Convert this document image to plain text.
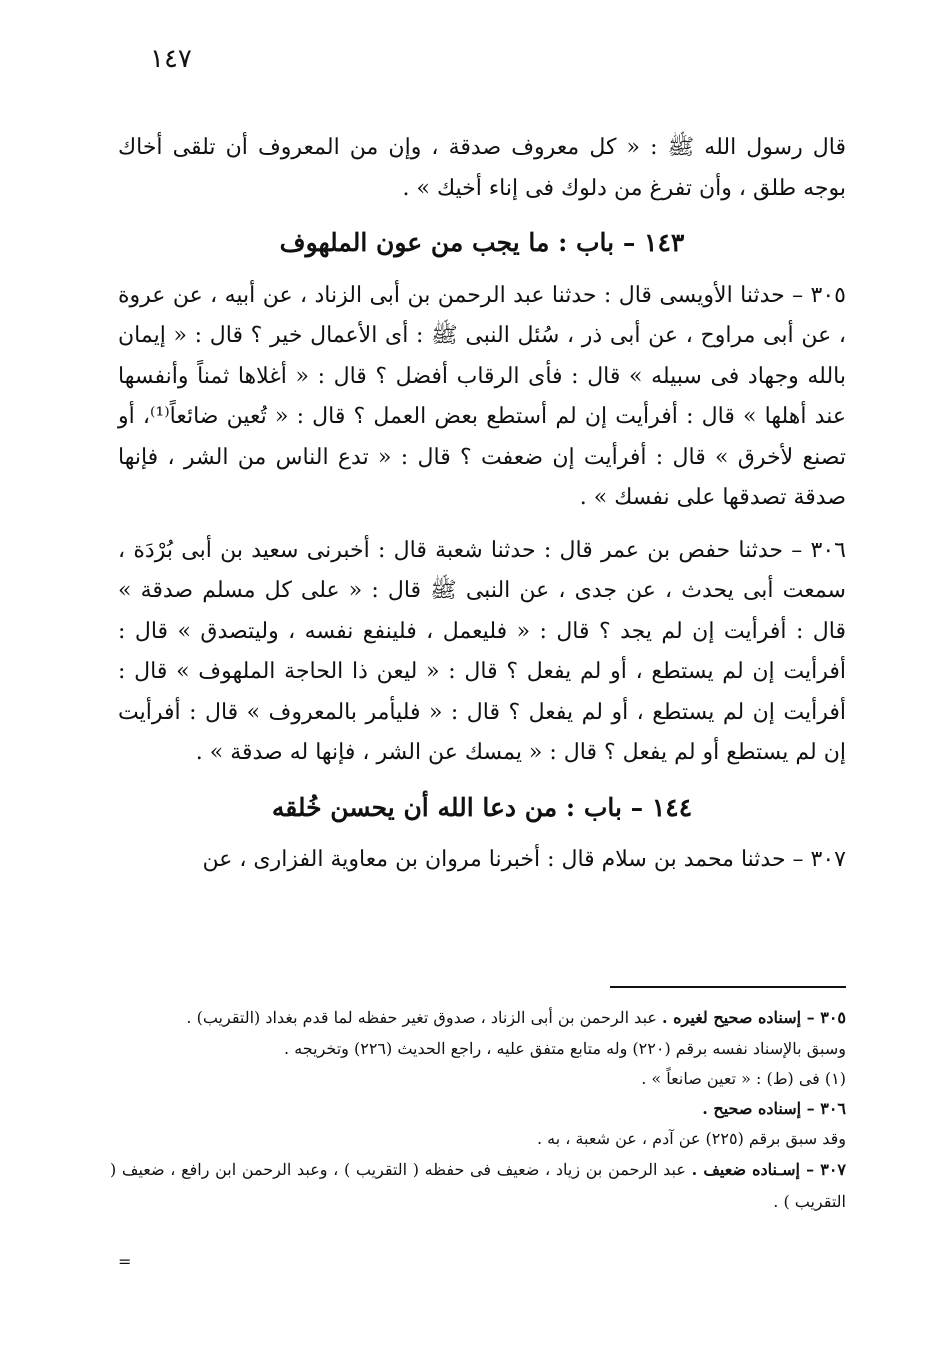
١٤٧

قال رسول الله ﷺ : « كل معروف صدقة ، وإن من المعروف أن تلقى أخاك بوجه طلق ، وأن تفرغ من دلوك فى إناء أخيك » .

١٤٣ – باب : ما يجب من عون الملهوف

٣٠٥ – حدثنا الأويسى قال : حدثنا عبد الرحمن بن أبى الزناد ، عن أبيه ، عن عروة ، عن أبى مراوح ، عن أبى ذر ، سُئل النبى ﷺ : أى الأعمال خير ؟ قال : « إيمان بالله وجهاد فى سبيله » قال : فأى الرقاب أفضل ؟ قال : « أغلاها ثمناً وأنفسها عند أهلها » قال : أفرأيت إن لم أستطع بعض العمل ؟ قال : « تُعين ضائعاً⁽¹⁾، أو تصنع لأخرق » قال : أفرأيت إن ضعفت ؟ قال : « تدع الناس من الشر ، فإنها صدقة تصدقها على نفسك » .

٣٠٦ – حدثنا حفص بن عمر قال : حدثنا شعبة قال : أخبرنى سعيد بن أبى بُرْدَة ، سمعت أبى يحدث ، عن جدى ، عن النبى ﷺ قال : « على كل مسلم صدقة » قال : أفرأيت إن لم يجد ؟ قال : « فليعمل ، فلينفع نفسه ، وليتصدق » قال : أفرأيت إن لم يستطع ، أو لم يفعل ؟ قال : « ليعن ذا الحاجة الملهوف » قال : أفرأيت إن لم يستطع ، أو لم يفعل ؟ قال : « فليأمر بالمعروف » قال : أفرأيت إن لم يستطع أو لم يفعل ؟ قال : « يمسك عن الشر ، فإنها له صدقة » .

١٤٤ – باب : من دعا الله أن يحسن خُلقه

٣٠٧ – حدثنا محمد بن سلام قال : أخبرنا مروان بن معاوية الفزارى ، عن

٣٠٥ – إسناده صحيح لغيره . عبد الرحمن بن أبى الزناد ، صدوق تغير حفظه لما قدم بغداد (التقريب) .

وسبق بالإسناد نفسه برقم (٢٢٠) وله متابع متفق عليه ، راجع الحديث (٢٢٦) وتخريجه .

(١) فى (ط) : « تعين صانعاً » .

٣٠٦ – إسناده صحيح .

وقد سبق برقم (٢٢٥) عن آدم ، عن شعبة ، به .

٣٠٧ – إسـناده ضعيف . عبد الرحمن بن زياد ، ضعيف فى حفظه ( التقريب ) ، وعبد الرحمن ابن رافع ، ضعيف ( التقريب ) .

=
